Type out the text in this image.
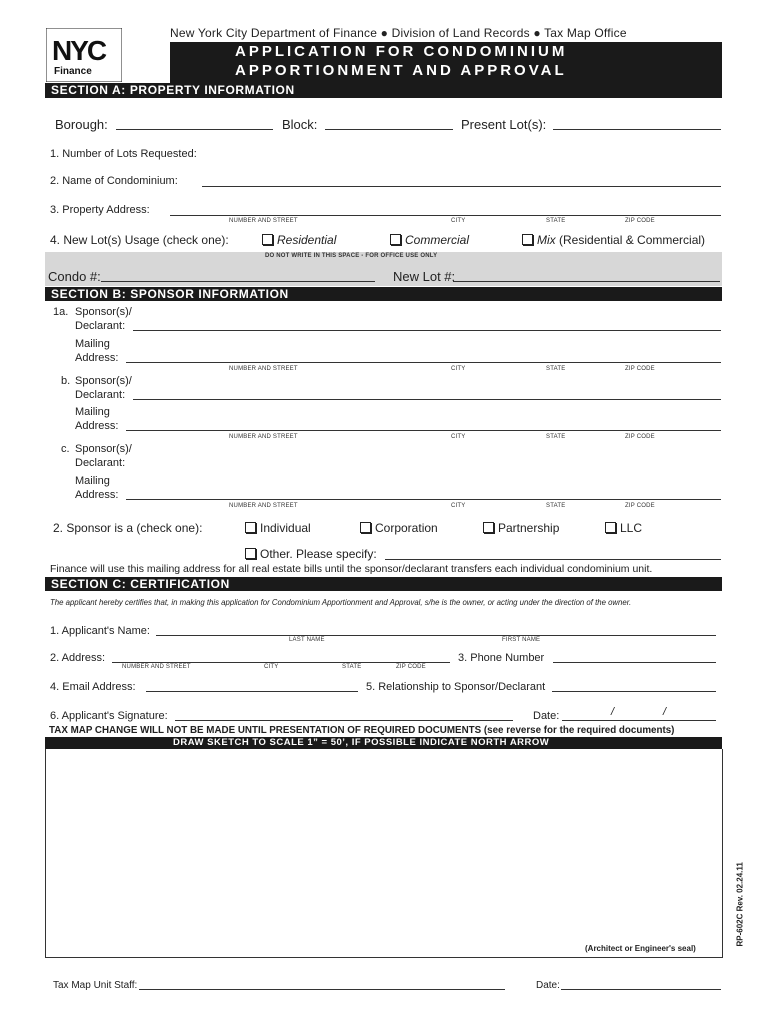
NYC
Finance
New York City Department of Finance ● Division of Land Records ● Tax Map Office
APPLICATION FOR CONDOMINIUM
APPORTIONMENT AND APPROVAL
SECTION A: PROPERTY INFORMATION
Borough:	Block:	Present Lot(s):
1. Number of Lots Requested:
2. Name of Condominium:
3. Property Address:
NUMBER AND STREET	CITY	STATE	ZIP CODE
4. New Lot(s) Usage (check one):	Residential	Commercial	Mix (Residential & Commercial)
DO NOT WRITE IN THIS SPACE - FOR OFFICE USE ONLY
Condo #:	New Lot #:
SECTION B: SPONSOR INFORMATION
1a. Sponsor(s)/
Declarant:
Mailing
Address:
NUMBER AND STREET	CITY	STATE	ZIP CODE
b. Sponsor(s)/
Declarant:
Mailing
Address:
NUMBER AND STREET	CITY	STATE	ZIP CODE
c. Sponsor(s)/
Declarant:
Mailing
Address:
NUMBER AND STREET	CITY	STATE	ZIP CODE
2. Sponsor is a (check one):	Individual	Corporation	Partnership	LLC
Other. Please specify:
Finance will use this mailing address for all real estate bills until the sponsor/declarant transfers each individual condominium unit.
SECTION C: CERTIFICATION
The applicant hereby certifies that, in making this application for Condominium Apportionment and Approval, s/he is the owner, or acting under the direction of the owner.
1. Applicant's Name:
LAST NAME	FIRST NAME
2. Address:
NUMBER AND STREET	CITY	STATE	ZIP CODE
3. Phone Number
4. Email Address:	5. Relationship to Sponsor/Declarant
6. Applicant's Signature:	Date:	/	/
TAX MAP CHANGE WILL NOT BE MADE UNTIL PRESENTATION OF REQUIRED DOCUMENTS (see reverse for the required documents)
DRAW SKETCH TO SCALE 1” = 50’, IF POSSIBLE INDICATE NORTH ARROW
(Architect or Engineer's seal)
Tax Map Unit Staff:	Date:
RP-602C Rev. 02.24.11
